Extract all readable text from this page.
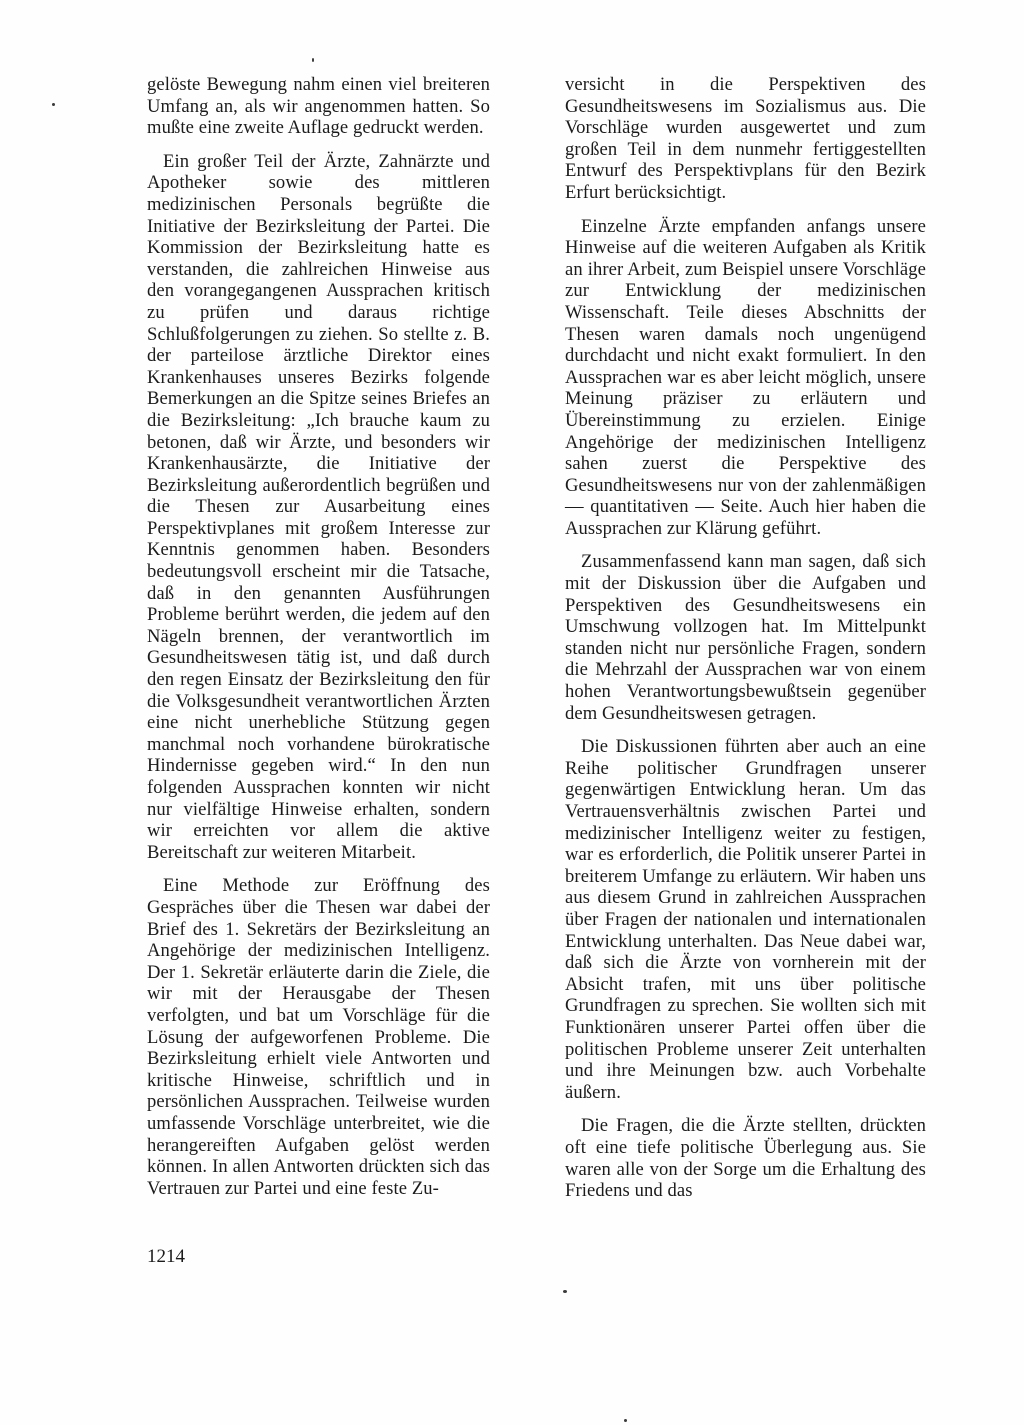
gelöste Bewegung nahm einen viel breiteren Umfang an, als wir angenommen hatten. So mußte eine zweite Auflage gedruckt werden.

Ein großer Teil der Ärzte, Zahnärzte und Apotheker sowie des mittleren medizinischen Personals begrüßte die Initiative der Bezirksleitung der Partei. Die Kommission der Bezirksleitung hatte es verstanden, die zahlreichen Hinweise aus den vorangegangenen Aussprachen kritisch zu prüfen und daraus richtige Schlußfolgerungen zu ziehen. So stellte z. B. der parteilose ärztliche Direktor eines Krankenhauses unseres Bezirks folgende Bemerkungen an die Spitze seines Briefes an die Bezirksleitung: „Ich brauche kaum zu betonen, daß wir Ärzte, und besonders wir Krankenhausärzte, die Initiative der Bezirksleitung außerordentlich begrüßen und die Thesen zur Ausarbeitung eines Perspektivplanes mit großem Interesse zur Kenntnis genommen haben. Besonders bedeutungsvoll erscheint mir die Tatsache, daß in den genannten Ausführungen Probleme berührt werden, die jedem auf den Nägeln brennen, der verantwortlich im Gesundheitswesen tätig ist, und daß durch den regen Einsatz der Bezirksleitung den für die Volksgesundheit verantwortlichen Ärzten eine nicht unerhebliche Stützung gegen manchmal noch vorhandene bürokratische Hindernisse gegeben wird.“ In den nun folgenden Aussprachen konnten wir nicht nur vielfältige Hinweise erhalten, sondern wir erreichten vor allem die aktive Bereitschaft zur weiteren Mitarbeit.

Eine Methode zur Eröffnung des Gespräches über die Thesen war dabei der Brief des 1. Sekretärs der Bezirksleitung an Angehörige der medizinischen Intelligenz. Der 1. Sekretär erläuterte darin die Ziele, die wir mit der Herausgabe der Thesen verfolgten, und bat um Vorschläge für die Lösung der aufgeworfenen Probleme. Die Bezirksleitung erhielt viele Antworten und kritische Hinweise, schriftlich und in persönlichen Aussprachen. Teilweise wurden umfassende Vorschläge unterbreitet, wie die herangereiften Aufgaben gelöst werden können. In allen Antworten drückten sich das Vertrauen zur Partei und eine feste Zu-

versicht in die Perspektiven des Gesundheitswesens im Sozialismus aus. Die Vorschläge wurden ausgewertet und zum großen Teil in dem nunmehr fertiggestellten Entwurf des Perspektivplans für den Bezirk Erfurt berücksichtigt.

Einzelne Ärzte empfanden anfangs unsere Hinweise auf die weiteren Aufgaben als Kritik an ihrer Arbeit, zum Beispiel unsere Vorschläge zur Entwicklung der medizinischen Wissenschaft. Teile dieses Abschnitts der Thesen waren damals noch ungenügend durchdacht und nicht exakt formuliert. In den Aussprachen war es aber leicht möglich, unsere Meinung präziser zu erläutern und Übereinstimmung zu erzielen. Einige Angehörige der medizinischen Intelligenz sahen zuerst die Perspektive des Gesundheitswesens nur von der zahlenmäßigen — quantitativen — Seite. Auch hier haben die Aussprachen zur Klärung geführt.

Zusammenfassend kann man sagen, daß sich mit der Diskussion über die Aufgaben und Perspektiven des Gesundheitswesens ein Umschwung vollzogen hat. Im Mittelpunkt standen nicht nur persönliche Fragen, sondern die Mehrzahl der Aussprachen war von einem hohen Verantwortungsbewußtsein gegenüber dem Gesundheitswesen getragen.

Die Diskussionen führten aber auch an eine Reihe politischer Grundfragen unserer gegenwärtigen Entwicklung heran. Um das Vertrauensverhältnis zwischen Partei und medizinischer Intelligenz weiter zu festigen, war es erforderlich, die Politik unserer Partei in breiterem Umfange zu erläutern. Wir haben uns aus diesem Grund in zahlreichen Aussprachen über Fragen der nationalen und internationalen Entwicklung unterhalten. Das Neue dabei war, daß sich die Ärzte von vornherein mit der Absicht trafen, mit uns über politische Grundfragen zu sprechen. Sie wollten sich mit Funktionären unserer Partei offen über die politischen Probleme unserer Zeit unterhalten und ihre Meinungen bzw. auch Vorbehalte äußern.

Die Fragen, die die Ärzte stellten, drückten oft eine tiefe politische Überlegung aus. Sie waren alle von der Sorge um die Erhaltung des Friedens und das

1214
